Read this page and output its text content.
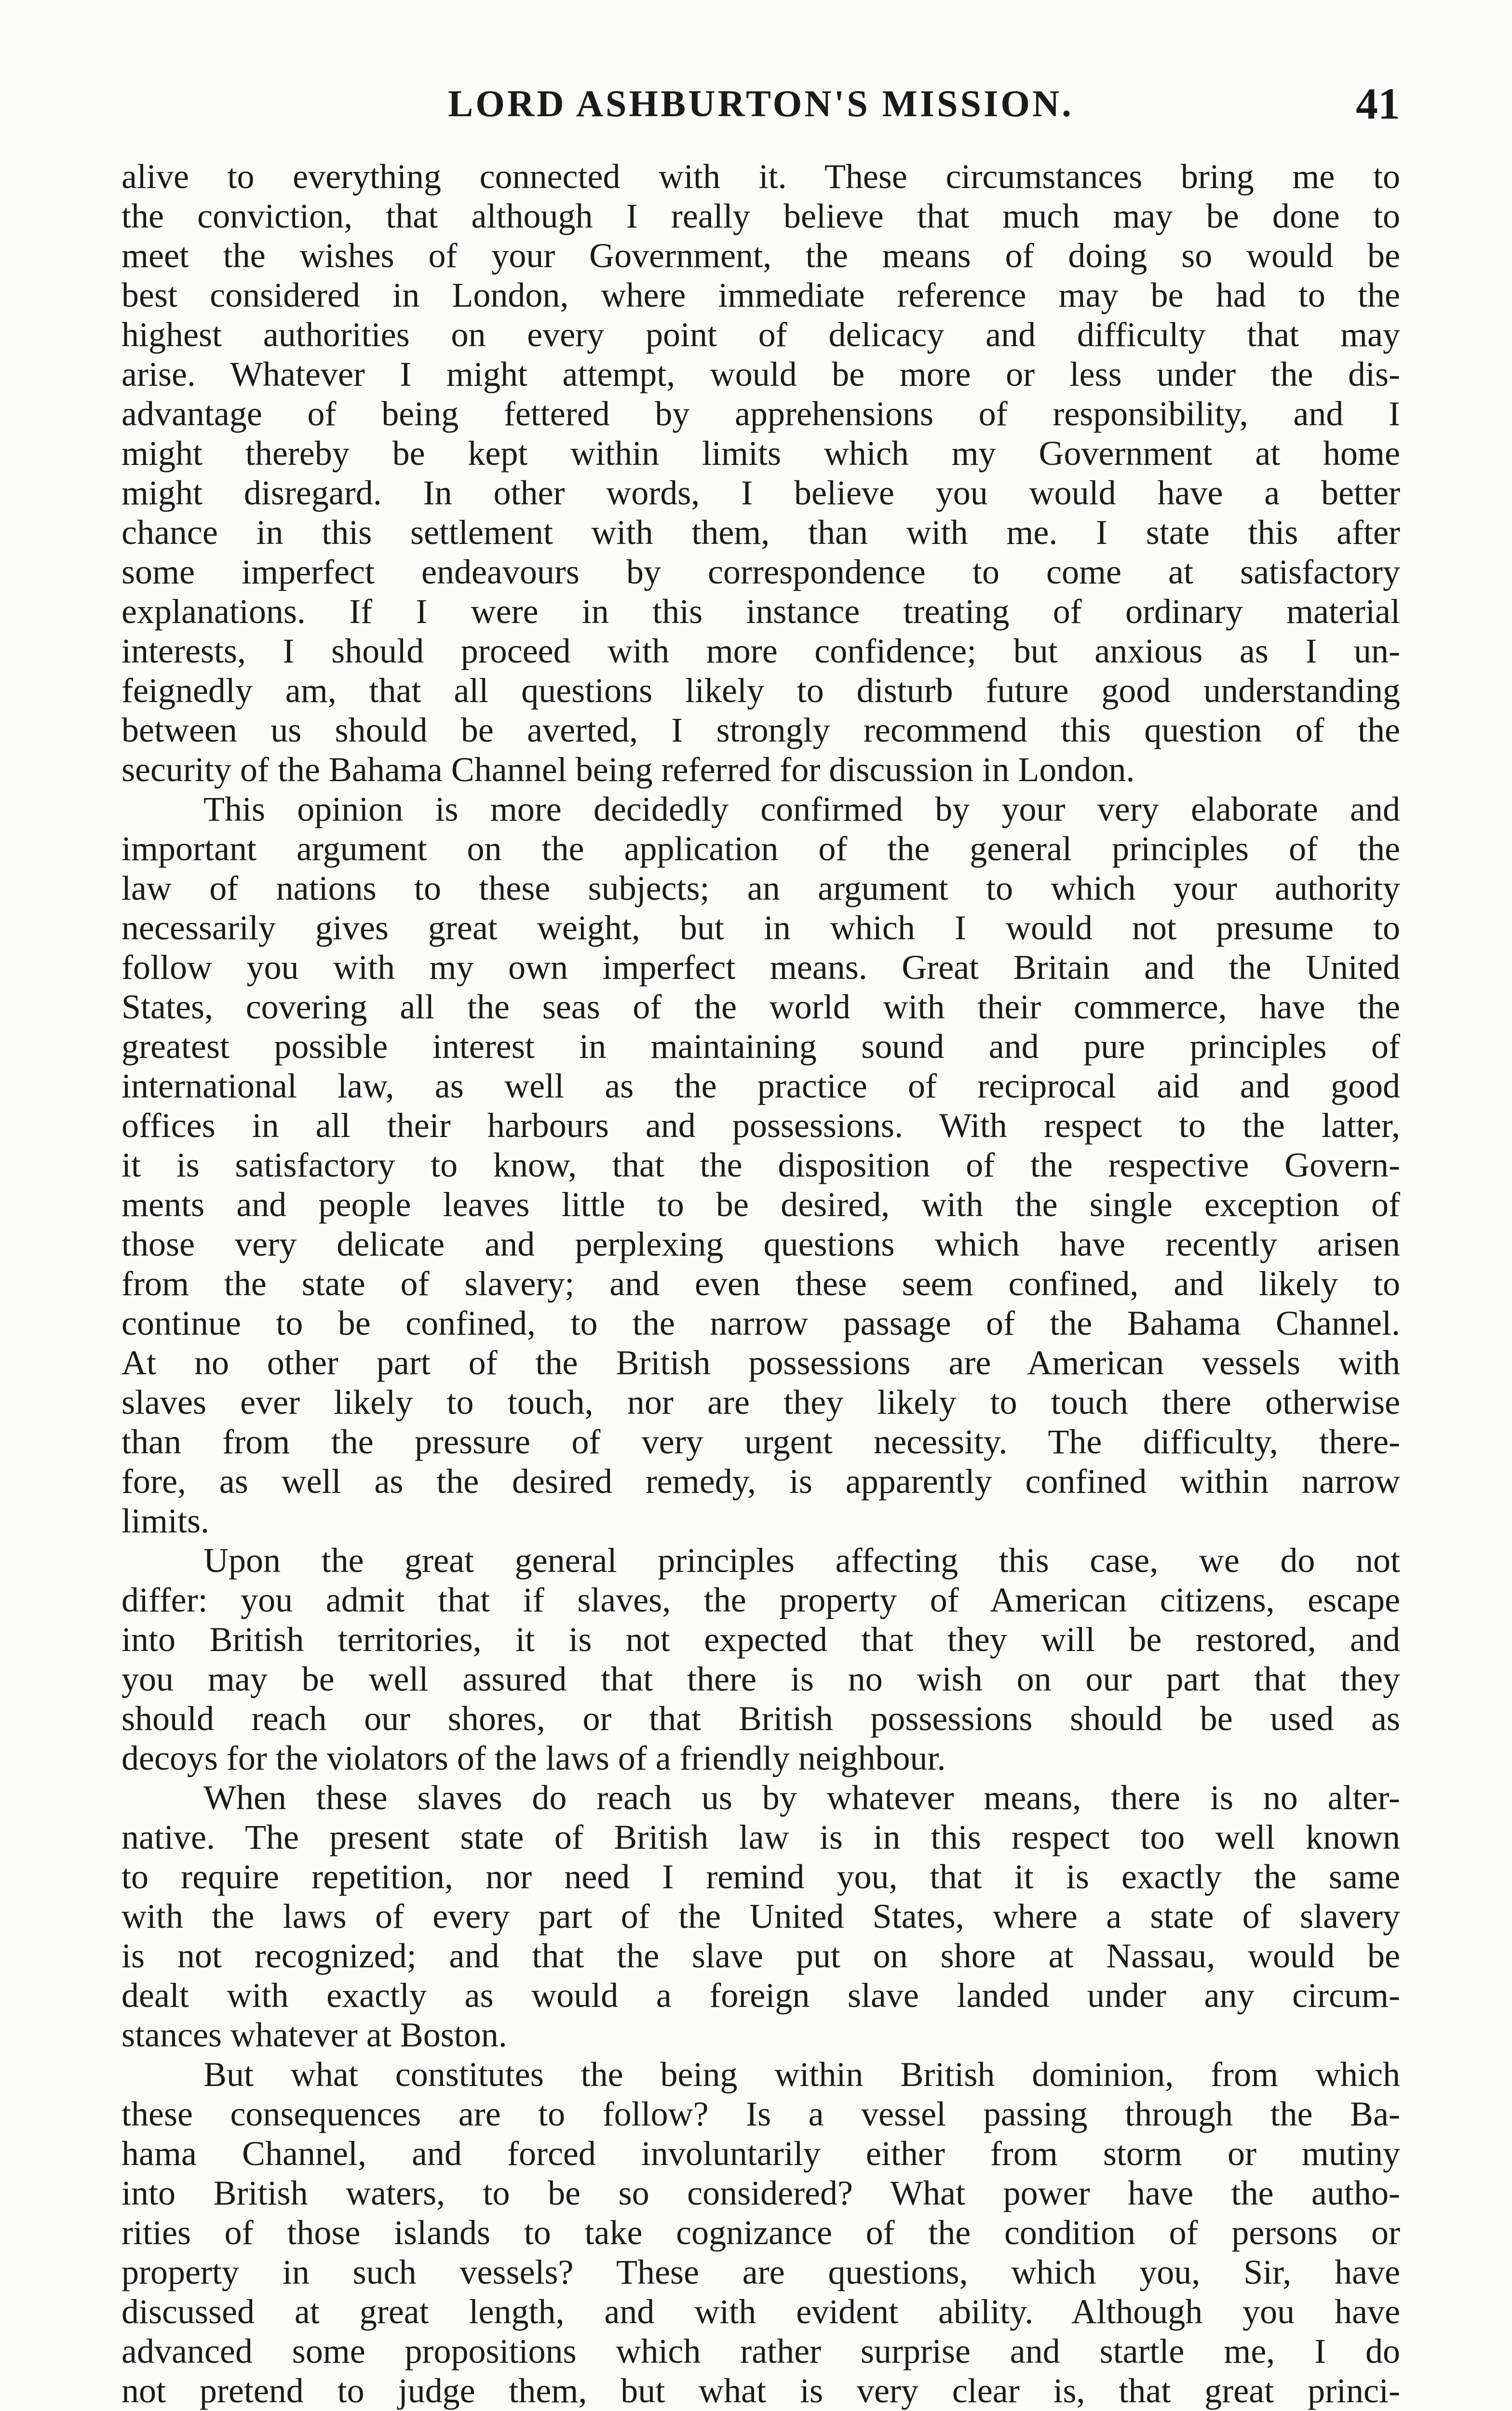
LORD ASHBURTON'S MISSION.	41
alive to everything connected with it. These circumstances bring me to
the conviction, that although I really believe that much may be done to
meet the wishes of your Government, the means of doing so would be
best considered in London, where immediate reference may be had to the
highest authorities on every point of delicacy and difficulty that may
arise. Whatever I might attempt, would be more or less under the dis-
advantage of being fettered by apprehensions of responsibility, and I
might thereby be kept within limits which my Government at home
might disregard. In other words, I believe you would have a better
chance in this settlement with them, than with me. I state this after
some imperfect endeavours by correspondence to come at satisfactory
explanations. If I were in this instance treating of ordinary material
interests, I should proceed with more confidence; but anxious as I un-
feignedly am, that all questions likely to disturb future good understanding
between us should be averted, I strongly recommend this question of the
security of the Bahama Channel being referred for discussion in London.
This opinion is more decidedly confirmed by your very elaborate and
important argument on the application of the general principles of the
law of nations to these subjects; an argument to which your authority
necessarily gives great weight, but in which I would not presume to
follow you with my own imperfect means. Great Britain and the United
States, covering all the seas of the world with their commerce, have the
greatest possible interest in maintaining sound and pure principles of
international law, as well as the practice of reciprocal aid and good
offices in all their harbours and possessions. With respect to the latter,
it is satisfactory to know, that the disposition of the respective Govern-
ments and people leaves little to be desired, with the single exception of
those very delicate and perplexing questions which have recently arisen
from the state of slavery; and even these seem confined, and likely to
continue to be confined, to the narrow passage of the Bahama Channel.
At no other part of the British possessions are American vessels with
slaves ever likely to touch, nor are they likely to touch there otherwise
than from the pressure of very urgent necessity. The difficulty, there-
fore, as well as the desired remedy, is apparently confined within narrow
limits.
Upon the great general principles affecting this case, we do not
differ: you admit that if slaves, the property of American citizens, escape
into British territories, it is not expected that they will be restored, and
you may be well assured that there is no wish on our part that they
should reach our shores, or that British possessions should be used as
decoys for the violators of the laws of a friendly neighbour.
When these slaves do reach us by whatever means, there is no alter-
native. The present state of British law is in this respect too well known
to require repetition, nor need I remind you, that it is exactly the same
with the laws of every part of the United States, where a state of slavery
is not recognized; and that the slave put on shore at Nassau, would be
dealt with exactly as would a foreign slave landed under any circum-
stances whatever at Boston.
But what constitutes the being within British dominion, from which
these consequences are to follow? Is a vessel passing through the Ba-
hama Channel, and forced involuntarily either from storm or mutiny
into British waters, to be so considered? What power have the autho-
rities of those islands to take cognizance of the condition of persons or
property in such vessels? These are questions, which you, Sir, have
discussed at great length, and with evident ability. Although you have
advanced some propositions which rather surprise and startle me, I do
not pretend to judge them, but what is very clear is, that great princi-
